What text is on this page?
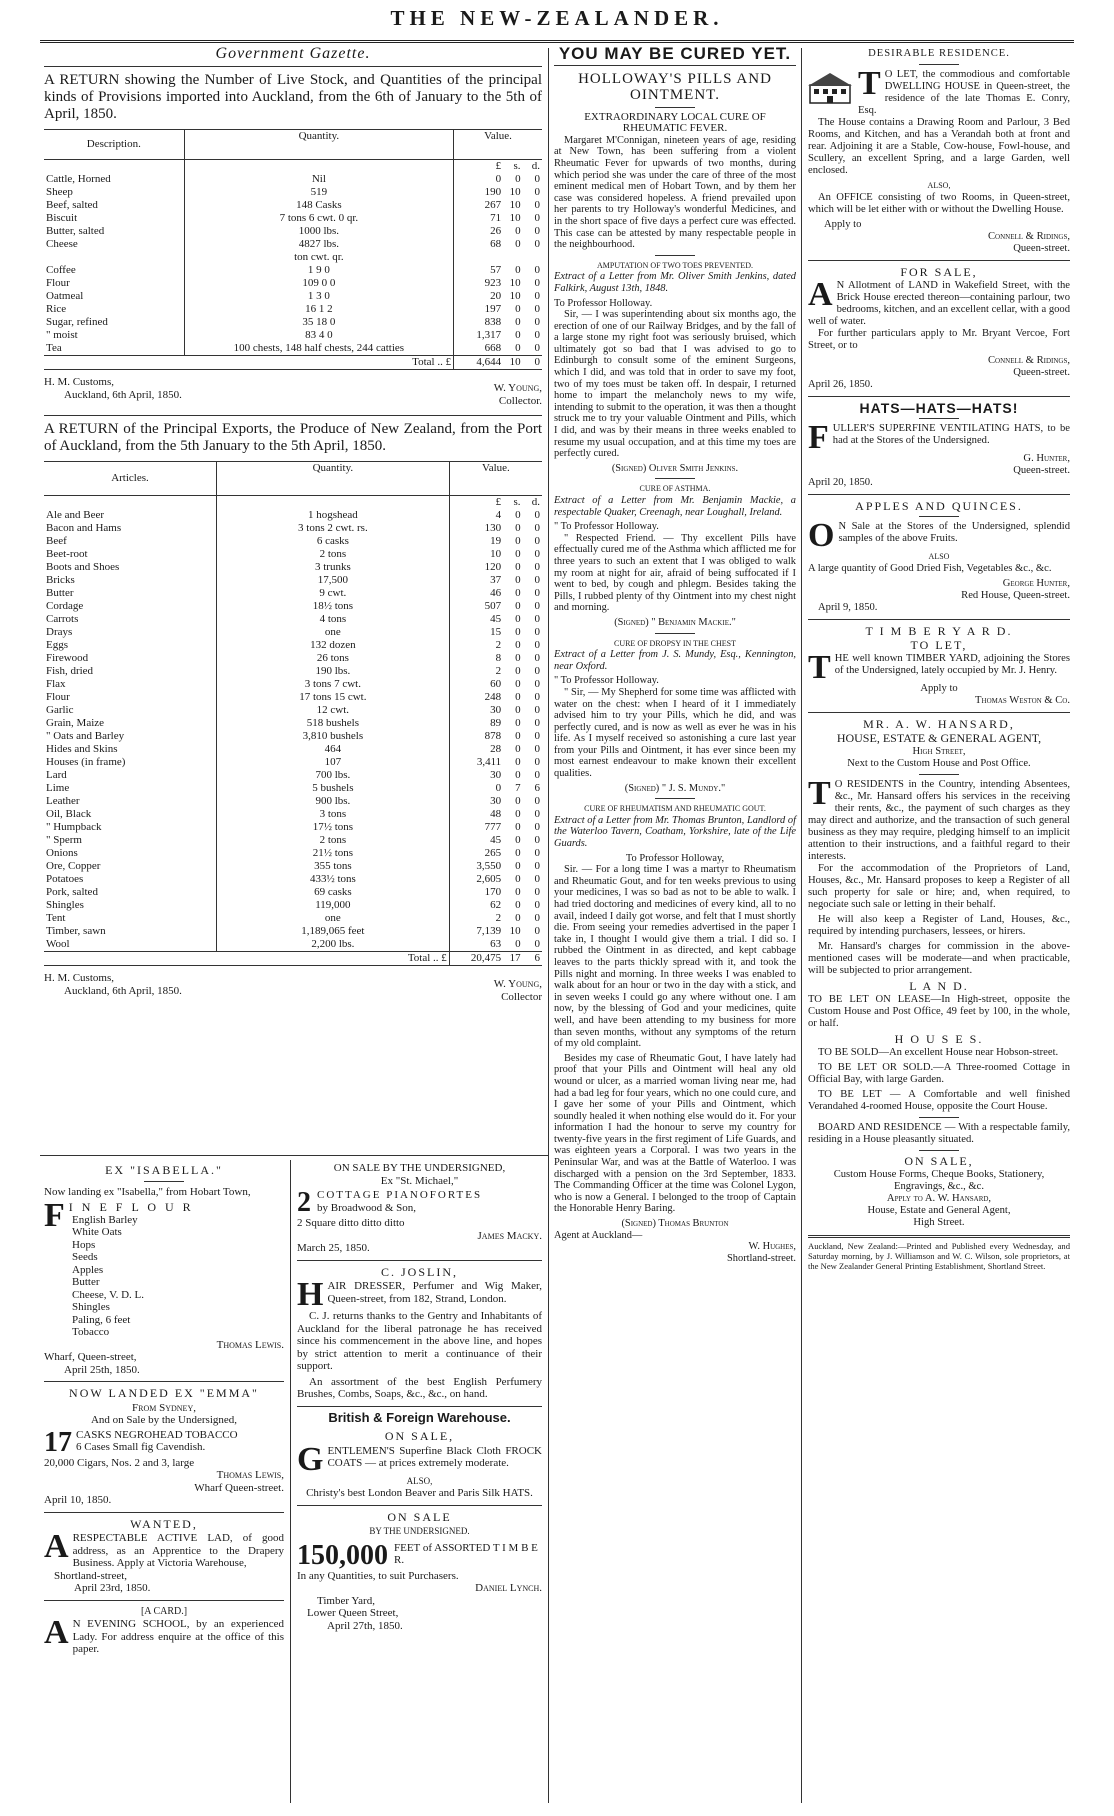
THE NEW-ZEALANDER.
Government Gazette.
A RETURN showing the Number of Live Stock, and Quantities of the principal kinds of Provisions imported into Auckland, from the 6th of January to the 5th of April, 1850.
Description.	Quantity.	Value.		
		£	s.	d.
Cattle, Horned	Nil	0	0	0
Sheep	519	190	10	0
Beef, salted	148 Casks	267	10	0
Biscuit	7 tons 6 cwt. 0 qr.	71	10	0
Butter, salted	1000 lbs.	26	0	0
Cheese	4827 lbs.	68	0	0
	ton cwt. qr.			
Coffee	1 9 0	57	0	0
Flour	109 0 0	923	10	0
Oatmeal	1 3 0	20	10	0
Rice	16 1 2	197	0	0
Sugar, refined	35 18 0	838	0	0
" moist	83 4 0	1,317	0	0
Tea	100 chests, 148 half chests, 244 catties	668	0	0
	Total .. £	4,644	10	0
H. M. Customs,
Auckland, 6th April, 1850.
W. Young,
Collector.
A RETURN of the Principal Exports, the Produce of New Zealand, from the Port of Auckland, from the 5th January to the 5th April, 1850.
Articles.	Quantity.	Value.		
		£	s.	d.
Ale and Beer	1 hogshead	4	0	0
Bacon and Hams	3 tons 2 cwt. rs.	130	0	0
Beef	6 casks	19	0	0
Beet-root	2 tons	10	0	0
Boots and Shoes	3 trunks	120	0	0
Bricks	17,500	37	0	0
Butter	9 cwt.	46	0	0
Cordage	18½ tons	507	0	0
Carrots	4 tons	45	0	0
Drays	one	15	0	0
Eggs	132 dozen	2	0	0
Firewood	26 tons	8	0	0
Fish, dried	190 lbs.	2	0	0
Flax	3 tons 7 cwt.	60	0	0
Flour	17 tons 15 cwt.	248	0	0
Garlic	12 cwt.	30	0	0
Grain, Maize	518 bushels	89	0	0
" Oats and Barley	3,810 bushels	878	0	0
Hides and Skins	464	28	0	0
Houses (in frame)	107	3,411	0	0
Lard	700 lbs.	30	0	0
Lime	5 bushels	0	7	6
Leather	900 lbs.	30	0	0
Oil, Black	3 tons	48	0	0
" Humpback	17½ tons	777	0	0
" Sperm	2 tons	45	0	0
Onions	21½ tons	265	0	0
Ore, Copper	355 tons	3,550	0	0
Potatoes	433½ tons	2,605	0	0
Pork, salted	69 casks	170	0	0
Shingles	119,000	62	0	0
Tent	one	2	0	0
Timber, sawn	1,189,065 feet	7,139	10	0
Wool	2,200 lbs.	63	0	0
	Total .. £	20,475	17	6
H. M. Customs,
Auckland, 6th April, 1850.
W. Young,
Collector
EX "ISABELLA."

Now landing ex "Isabella," from Hobart Town,

F I N E F L O U R
English Barley
White Oats
Hops
Seeds
Apples
Butter
Cheese, V. D. L.
Shingles
Paling, 6 feet
Tobacco
Thomas Lewis.
Wharf, Queen-street,
April 25th, 1850.
NOW LANDED EX "EMMA"
From Sydney,
And on Sale by the Undersigned,
17 CASKS NEGROHEAD TOBACCO
6 Cases Small fig Cavendish.
20,000 Cigars, Nos. 2 and 3, large
Thomas Lewis,
Wharf Queen-street.
April 10, 1850.
WANTED,
A RESPECTABLE ACTIVE LAD, of good address, as an Apprentice to the Drapery Business. Apply at Victoria Warehouse,
Shortland-street,
April 23rd, 1850.
[A CARD.]
A N EVENING SCHOOL, by an experienced Lady. For address enquire at the office of this paper.
ON SALE BY THE UNDERSIGNED,
Ex "St. Michael,"
2 COTTAGE PIANOFORTES
by Broadwood & Son,
2 Square ditto ditto ditto
James Macky.
March 25, 1850.
C. JOSLIN,
H AIR DRESSER, Perfumer and Wig Maker, Queen-street, from 182, Strand, London.

C. J. returns thanks to the Gentry and Inhabitants of Auckland for the liberal patronage he has received since his commencement in the above line, and hopes by strict attention to merit a continuance of their support.

An assortment of the best English Perfumery Brushes, Combs, Soaps, &c., &c., on hand.

British & Foreign Warehouse.
ON SALE,
G ENTLEMEN'S Superfine Black Cloth FROCK COATS — at prices extremely moderate.
ALSO,
Christy's best London Beaver and Paris Silk HATS.
ON SALE
BY THE UNDERSIGNED.
150,000 FEET of ASSORTED T I M B E R.
In any Quantities, to suit Purchasers.
Daniel Lynch.
Timber Yard,
Lower Queen Street,
April 27th, 1850.
YOU MAY BE CURED YET.
HOLLOWAY'S PILLS AND OINTMENT.
EXTRAORDINARY LOCAL CURE OF RHEUMATIC FEVER.

Margaret M'Connigan, nineteen years of age, residing at New Town, has been suffering from a violent Rheumatic Fever for upwards of two months, during which period she was under the care of three of the most eminent medical men of Hobart Town, and by them her case was considered hopeless. A friend prevailed upon her parents to try Holloway's wonderful Medicines, and in the short space of five days a perfect cure was effected. This case can be attested by many respectable people in the neighbourhood.

AMPUTATION OF TWO TOES PREVENTED.

Extract of a Letter from Mr. Oliver Smith Jenkins, dated Falkirk, August 13th, 1848.

To Professor Holloway.

Sir, — I was superintending about six months ago, the erection of one of our Railway Bridges, and by the fall of a large stone my right foot was seriously bruised, which ultimately got so bad that I was advised to go to Edinburgh to consult some of the eminent Surgeons, which I did, and was told that in order to save my foot, two of my toes must be taken off. In despair, I returned home to impart the melancholy news to my wife, intending to submit to the operation, it was then a thought struck me to try your valuable Ointment and Pills, which I did, and was by their means in three weeks enabled to resume my usual occupation, and at this time my toes are perfectly cured.

(Signed) Oliver Smith Jenkins.
CURE OF ASTHMA.

Extract of a Letter from Mr. Benjamin Mackie, a respectable Quaker, Creenagh, near Loughall, Ireland.

" To Professor Holloway.

" Respected Friend. — Thy excellent Pills have effectually cured me of the Asthma which afflicted me for three years to such an extent that I was obliged to walk my room at night for air, afraid of being suffocated if I went to bed, by cough and phlegm. Besides taking the Pills, I rubbed plenty of thy Ointment into my chest night and morning.

(Signed) " Benjamin Mackie."
CURE OF DROPSY IN THE CHEST

Extract of a Letter from J. S. Mundy, Esq., Kennington, near Oxford.

" To Professor Holloway.

" Sir, — My Shepherd for some time was afflicted with water on the chest: when I heard of it I immediately advised him to try your Pills, which he did, and was perfectly cured, and is now as well as ever he was in his life. As I myself received so astonishing a cure last year from your Pills and Ointment, it has ever since been my most earnest endeavour to make known their excellent qualities.

(Signed) " J. S. Mundy."
CURE OF RHEUMATISM AND RHEUMATIC GOUT.

Extract of a Letter from Mr. Thomas Brunton, Landlord of the Waterloo Tavern, Coatham, Yorkshire, late of the Life Guards.

To Professor Holloway,

Sir. — For a long time I was a martyr to Rheumatism and Rheumatic Gout, and for ten weeks previous to using your medicines, I was so bad as not to be able to walk. I had tried doctoring and medicines of every kind, all to no avail, indeed I daily got worse, and felt that I must shortly die. From seeing your remedies advertised in the paper I take in, I thought I would give them a trial. I did so. I rubbed the Ointment in as directed, and kept cabbage leaves to the parts thickly spread with it, and took the Pills night and morning. In three weeks I was enabled to walk about for an hour or two in the day with a stick, and in seven weeks I could go any where without one. I am now, by the blessing of God and your medicines, quite well, and have been attending to my business for more than seven months, without any symptoms of the return of my old complaint.

Besides my case of Rheumatic Gout, I have lately had proof that your Pills and Ointment will heal any old wound or ulcer, as a married woman living near me, had had a bad leg for four years, which no one could cure, and I gave her some of your Pills and Ointment, which soundly healed it when nothing else would do it. For your information I had the honour to serve my country for twenty-five years in the first regiment of Life Guards, and was eighteen years a Corporal. I was two years in the Peninsular War, and was at the Battle of Waterloo. I was discharged with a pension on the 3rd September, 1833. The Commanding Officer at the time was Colonel Lygon, who is now a General. I belonged to the troop of Captain the Honorable Henry Baring.

(Signed) Thomas Brunton
Agent at Auckland—
W. Hughes,
Shortland-street.
DESIRABLE RESIDENCE.
T O LET, the commodious and comfortable DWELLING HOUSE in Queen-street, the residence of the late Thomas E. Conry, Esq.

The House contains a Drawing Room and Parlour, 3 Bed Rooms, and Kitchen, and has a Verandah both at front and rear. Adjoining it are a Stable, Cow-house, Fowl-house, and Scullery, an excellent Spring, and a large Garden, well enclosed.

ALSO,

An OFFICE consisting of two Rooms, in Queen-street, which will be let either with or without the Dwelling House.

Apply to
Connell & Ridings,
Queen-street.
FOR SALE,
A N Allotment of LAND in Wakefield Street, with the Brick House erected thereon—containing parlour, two bedrooms, kitchen, and an excellent cellar, with a good well of water.

For further particulars apply to Mr. Bryant Vercoe, Fort Street, or to

Connell & Ridings,
Queen-street.
April 26, 1850.
HATS—HATS—HATS!
F ULLER'S SUPERFINE VENTILATING HATS, to be had at the Stores of the Undersigned.
G. Hunter,
Queen-street.
April 20, 1850.
APPLES AND QUINCES.
O N Sale at the Stores of the Undersigned, splendid samples of the above Fruits.
ALSO

A large quantity of Good Dried Fish, Vegetables &c., &c.

George Hunter,
Red House, Queen-street.
April 9, 1850.
T I M B E R Y A R D.
TO LET,
T HE well known TIMBER YARD, adjoining the Stores of the Undersigned, lately occupied by Mr. J. Henry.
Apply to
Thomas Weston & Co.
MR. A. W. HANSARD,
HOUSE, ESTATE & GENERAL AGENT,
High Street,
Next to the Custom House and Post Office.
T O RESIDENTS in the Country, intending Absentees, &c., Mr. Hansard offers his services in the receiving their rents, &c., the payment of such charges as they may direct and authorize, and the transaction of such general business as they may require, pledging himself to an implicit attention to their instructions, and a faithful regard to their interests.

For the accommodation of the Proprietors of Land, Houses, &c., Mr. Hansard proposes to keep a Register of all such property for sale or hire; and, when required, to negociate such sale or letting in their behalf.

He will also keep a Register of Land, Houses, &c., required by intending purchasers, lessees, or hirers.

Mr. Hansard's charges for commission in the above-mentioned cases will be moderate—and when practicable, will be subjected to prior arrangement.

L A N D.

TO BE LET ON LEASE—In High-street, opposite the Custom House and Post Office, 49 feet by 100, in the whole, or half.

H O U S E S.

TO BE SOLD—An excellent House near Hobson-street.

TO BE LET OR SOLD.—A Three-roomed Cottage in Official Bay, with large Garden.

TO BE LET — A Comfortable and well finished Verandahed 4-roomed House, opposite the Court House.

BOARD AND RESIDENCE — With a respectable family, residing in a House pleasantly situated.

ON SALE,
Custom House Forms, Cheque Books, Stationery, Engravings, &c., &c.
Apply to A. W. Hansard,
House, Estate and General Agent,
High Street.
Auckland, New Zealand:—Printed and Published every Wednesday, and Saturday morning, by J. Williamson and W. C. Wilson, sole proprietors, at the New Zealander General Printing Establishment, Shortland Street.
